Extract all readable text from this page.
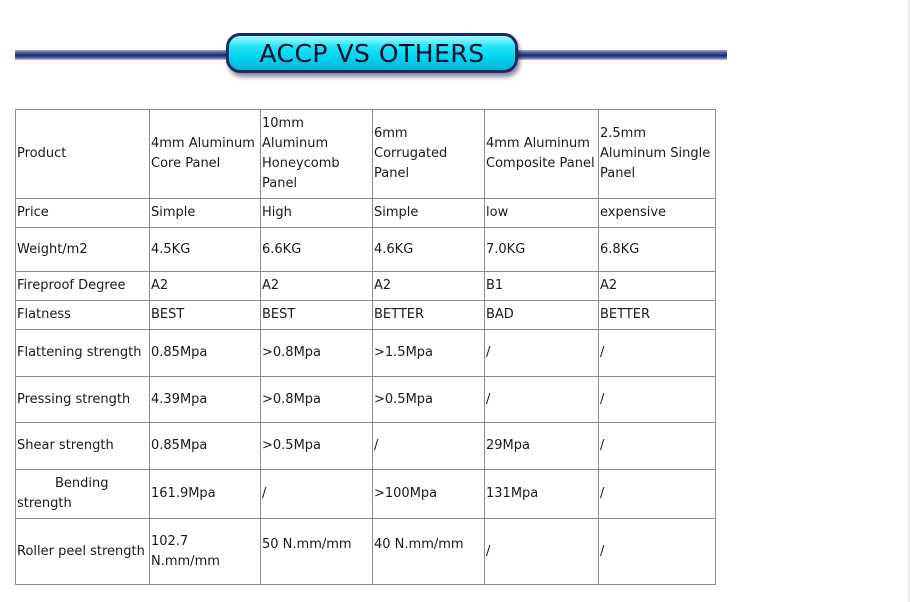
ACCP VS OTHERS
Product	4mm Aluminum Core Panel	10mm Aluminum Honeycomb Panel	6mm Corrugated Panel	4mm Aluminum Composite Panel	2.5mm Aluminum Single Panel
Price	Simple	High	Simple	low	expensive
Weight/m2	4.5KG	6.6KG	4.6KG	7.0KG	6.8KG
Fireproof Degree	A2	A2	A2	B1	A2
Flatness	BEST	BEST	BETTER	BAD	BETTER
Flattening strength	0.85Mpa	>0.8Mpa	>1.5Mpa	/	/
Pressing strength	4.39Mpa	>0.8Mpa	>0.5Mpa	/	/
Shear strength	0.85Mpa	>0.5Mpa	/	29Mpa	/

Bending
strength	161.9Mpa	/	>100Mpa	131Mpa	/
Roller peel strength	102.7 N.mm/mm	50 N.mm/mm	40 N.mm/mm	/	/
